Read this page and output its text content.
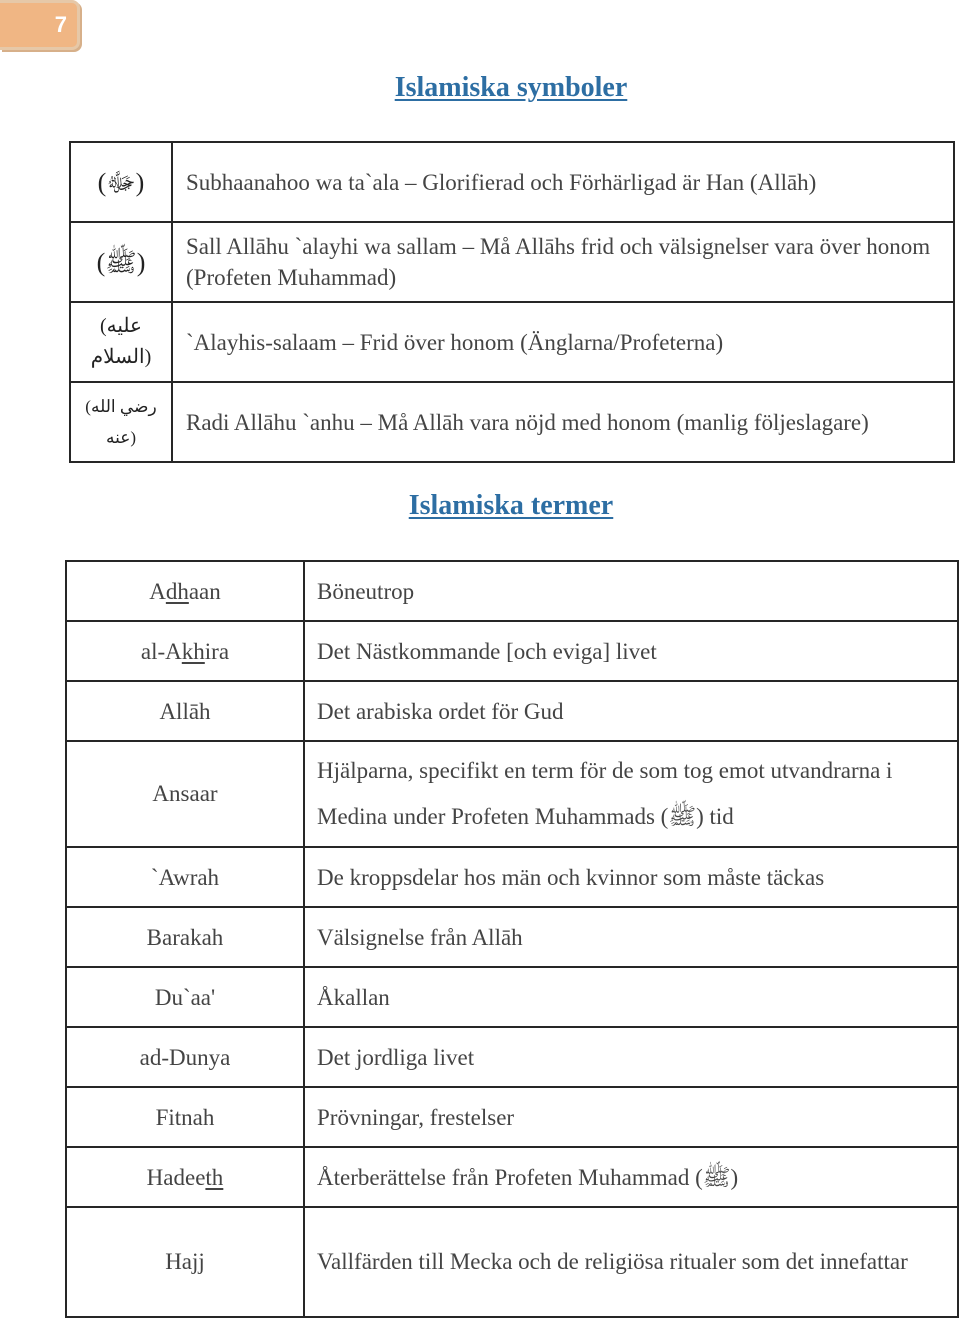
7
Islamiska symboler
(ﷻ)	Subhaanahoo wa ta`ala – Glorifierad och Förhärligad är Han (Allāh)
(ﷺ)	Sall Allāhu `alayhi wa sallam – Må Allāhs frid och välsignelser vara över honom (Profeten Muhammad)
(عليه السلام)	`Alayhis-salaam – Frid över honom (Änglarna/Profeterna)
(رضي الله عنه)	Radi Allāhu `anhu – Må Allāh vara nöjd med honom (manlig följeslagare)
Islamiska termer
Adhaan	Böneutrop
al-Akhira	Det Nästkommande [och eviga] livet
Allāh	Det arabiska ordet för Gud
Ansaar	Hjälparna, specifikt en term för de som tog emot utvandrarna i Medina under Profeten Muhammads (ﷺ) tid
`Awrah	De kroppsdelar hos män och kvinnor som måste täckas
Barakah	Välsignelse från Allāh
Du`aa'	Åkallan
ad-Dunya	Det jordliga livet
Fitnah	Prövningar, frestelser
Hadeeth	Återberättelse från Profeten Muhammad (ﷺ)
Hajj	Vallfärden till Mecka och de religiösa ritualer som det innefattar
